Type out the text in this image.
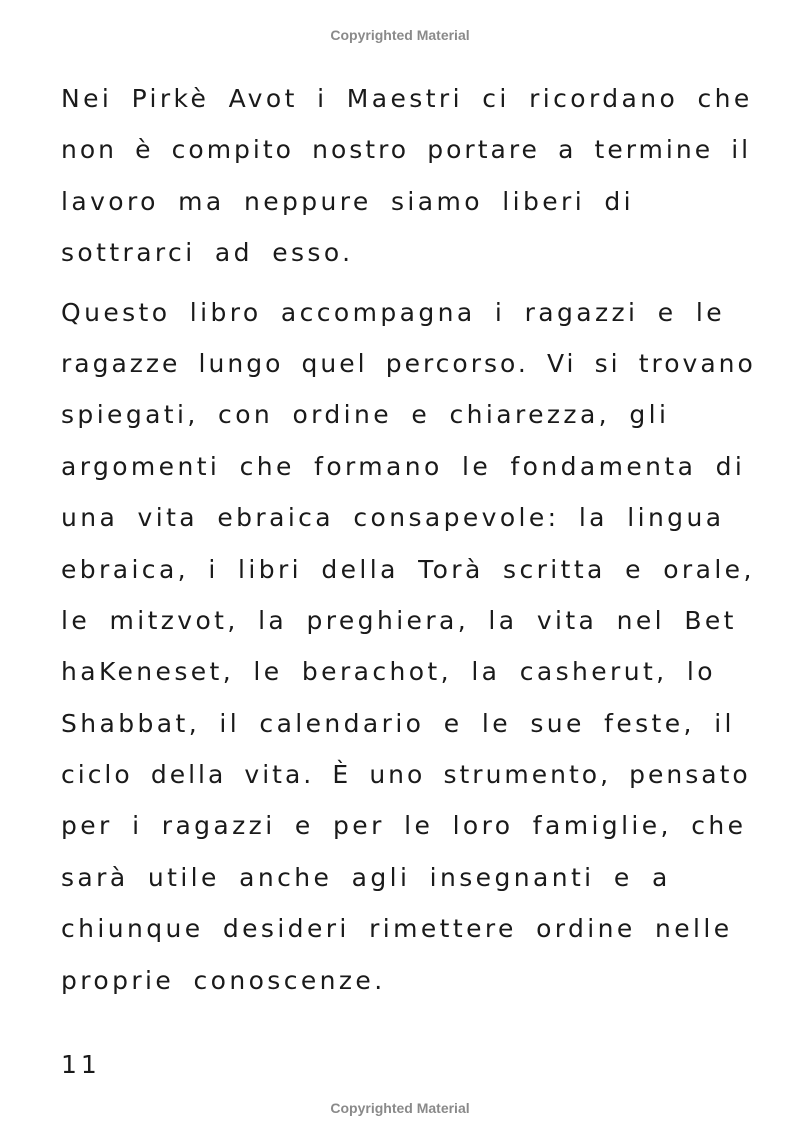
Copyrighted Material
Nei Pirkè Avot i Maestri ci ricordano che
non è compito nostro portare a termine il
lavoro ma neppure siamo liberi di
sottrarci ad esso.
Questo libro accompagna i ragazzi e le
ragazze lungo quel percorso. Vi si trovano
spiegati, con ordine e chiarezza, gli
argomenti che formano le fondamenta di
una vita ebraica consapevole: la lingua
ebraica, i libri della Torà scritta e orale,
le mitzvot, la preghiera, la vita nel Bet
haKeneset, le berachot, la casherut, lo
Shabbat, il calendario e le sue feste, il
ciclo della vita. È uno strumento, pensato
per i ragazzi e per le loro famiglie, che
sarà utile anche agli insegnanti e a
chiunque desideri rimettere ordine nelle
proprie conoscenze.
11
Copyrighted Material
